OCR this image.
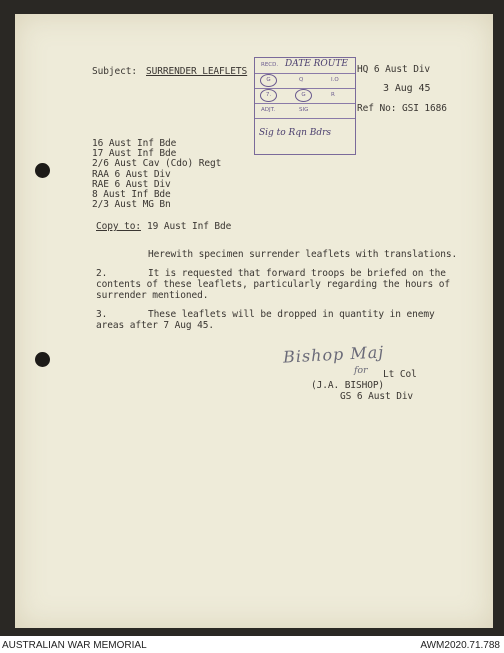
Subject: SURRENDER LEAFLETS	HQ 6 Aust Div
3 Aug 45
Ref No: GSI 1686
RECD. DATE ROUTE
G	Q	I.O
7.	G	R
ADJT.	SIG
Sig to Rqn Bdrs
16 Aust Inf Bde
17 Aust Inf Bde
2/6 Aust Cav (Cdo) Regt
RAA 6 Aust Div
RAE 6 Aust Div
8 Aust Inf Bde
2/3 Aust MG Bn
Copy to: 19 Aust Inf Bde
Herewith specimen surrender leaflets with translations.
2.	It is requested that forward troops be briefed on the
contents of these leaflets, particularly regarding the hours of
surrender mentioned.
3.	These leaflets will be dropped in quantity in enemy
areas after 7 Aug 45.
Bishop Maj
for Lt Col
(J.A. BISHOP)
GS 6 Aust Div
AUSTRALIAN WAR MEMORIAL	AWM2020.71.788
